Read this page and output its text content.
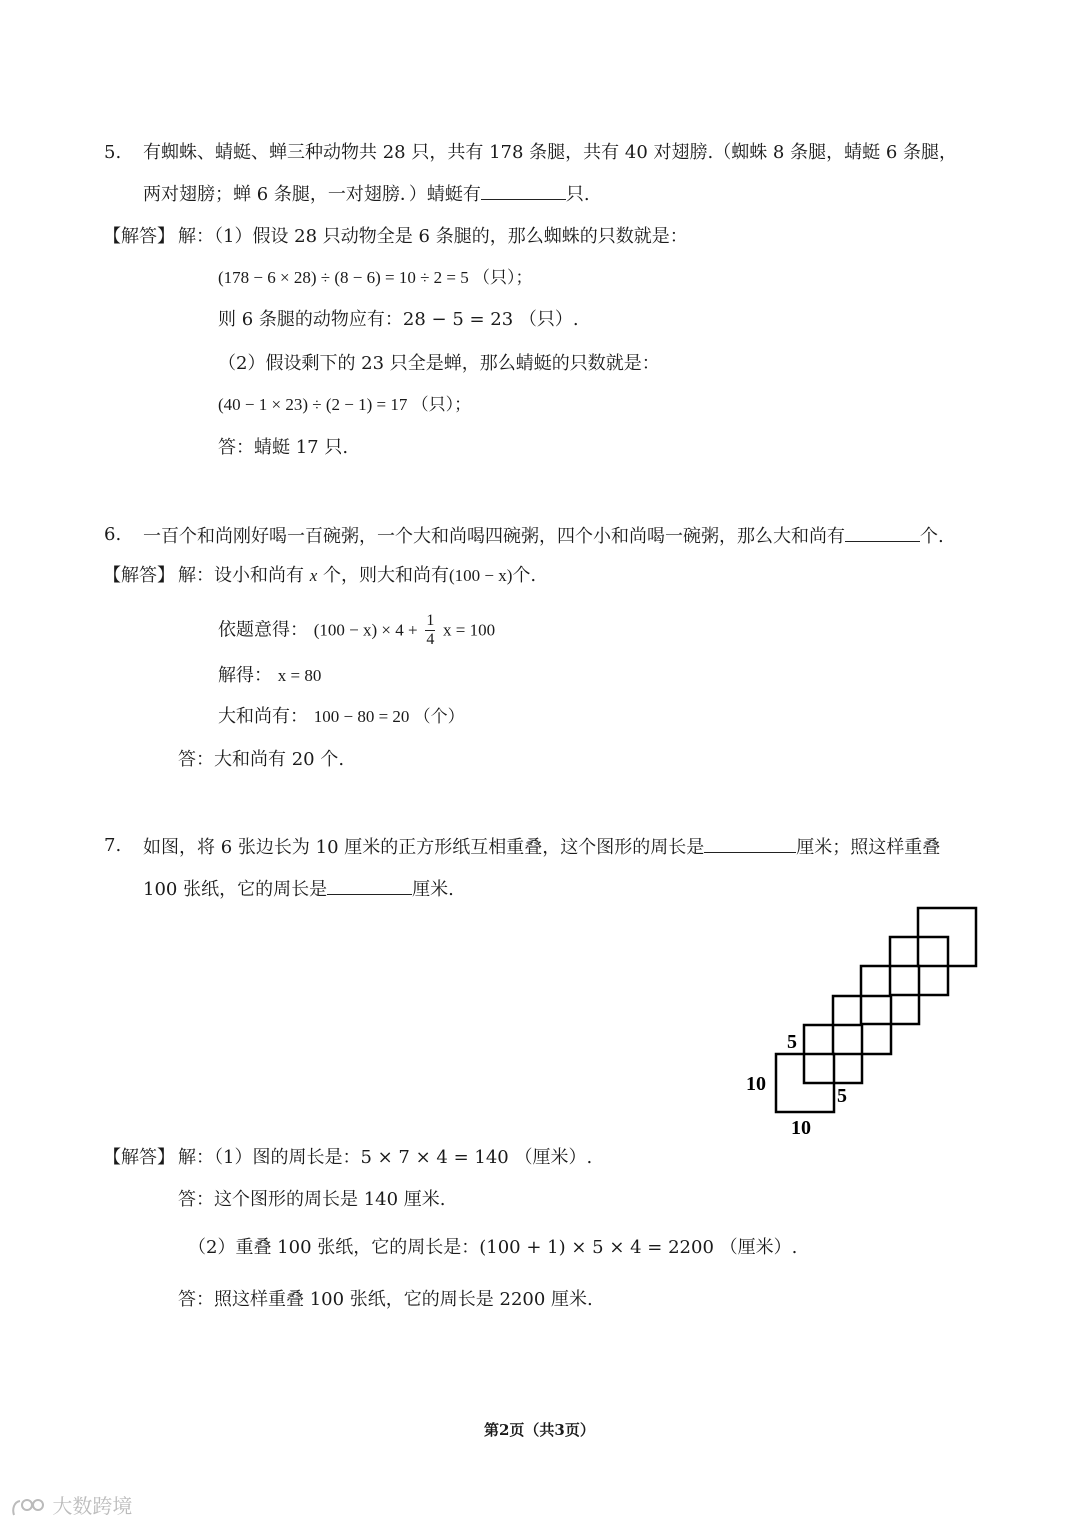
5. 有蜘蛛、蜻蜓、蝉三种动物共 28 只，共有 178 条腿，共有 40 对翅膀.（蜘蛛 8 条腿，蜻蜓 6 条腿，
两对翅膀；蝉 6 条腿，一对翅膀．）蜻蜓有	只.
【解答】 解：（1）假设 28 只动物全是 6 条腿的，那么蜘蛛的只数就是：
(178 − 6 × 28) ÷ (8 − 6) = 10 ÷ 2 = 5 （只）；
则 6 条腿的动物应有：28 − 5 = 23 （只）.
（2）假设剩下的 23 只全是蝉，那么蜻蜓的只数就是：
(40 − 1 × 23) ÷ (2 − 1) = 17 （只）；
答：蜻蜓 17 只.
6. 一百个和尚刚好喝一百碗粥，一个大和尚喝四碗粥，四个小和尚喝一碗粥，那么大和尚有	个.
【解答】 解：设小和尚有 x 个，则大和尚有(100 − x)个.
依题意得： $(100 - x) \times 4 + \frac{1}{4}$ x = 100
解得： x = 80
大和尚有： 100 − 80 = 20 （个）
答：大和尚有 20 个.
7. 如图，将 6 张边长为 10 厘米的正方形纸互相重叠，这个图形的周长是	厘米；照这样重叠
100 张纸，它的周长是	厘米.
5
10
5
10
【解答】 解：（1）图的周长是：5 × 7 × 4 = 140 （厘米）.
答：这个图形的周长是 140 厘米.
（2）重叠 100 张纸，它的周长是：(100 + 1) × 5 × 4 = 2200 （厘米）.
答：照这样重叠 100 张纸，它的周长是 2200 厘米.
第2页（共3页）
大数跨境
